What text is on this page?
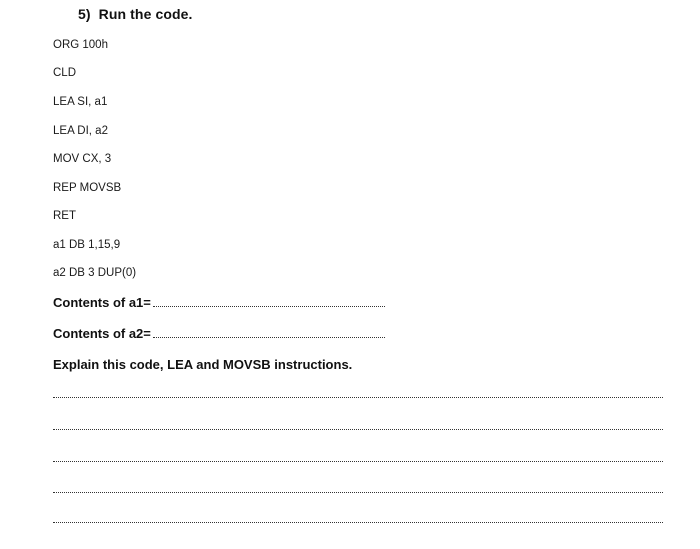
5) Run the code.
ORG 100h
CLD
LEA SI, a1
LEA DI, a2
MOV CX, 3
REP MOVSB
RET
a1 DB 1,15,9
a2 DB 3 DUP(0)
Contents of a1=
Contents of a2=
Explain this code, LEA and MOVSB instructions.
